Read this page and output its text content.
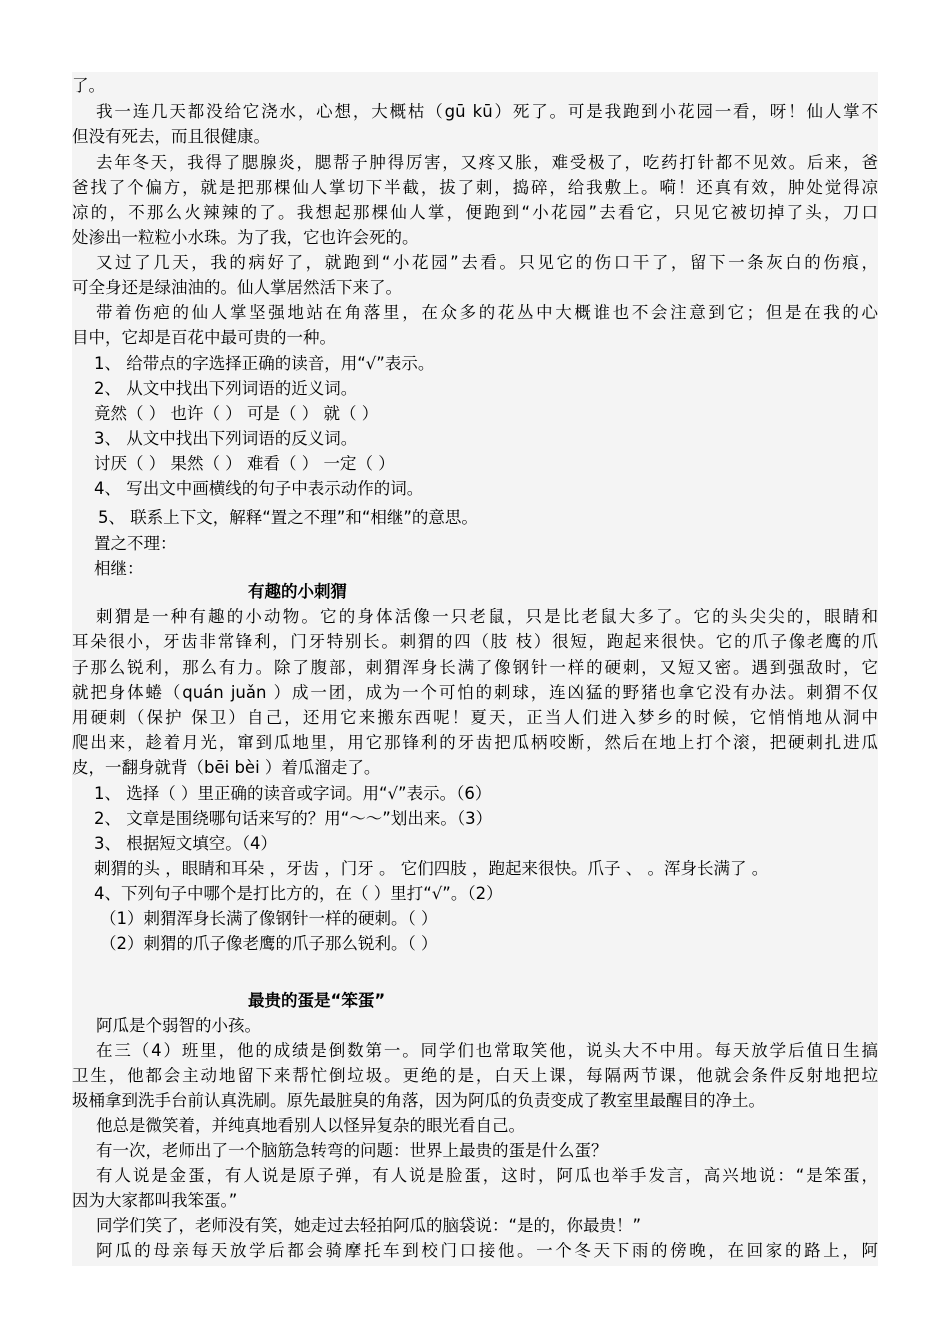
了。
我一连几天都没给它浇水，心想，大概枯（gū kū）死了。可是我跑到小花园一看，呀！仙人掌不
但没有死去，而且很健康。
去年冬天，我得了腮腺炎，腮帮子肿得厉害，又疼又胀，难受极了，吃药打针都不见效。后来，爸
爸找了个偏方，就是把那棵仙人掌切下半截，拔了刺，捣碎，给我敷上。嗬！还真有效，肿处觉得凉
凉的，不那么火辣辣的了。我想起那棵仙人掌，便跑到“小花园”去看它，只见它被切掉了头，刀口
处渗出一粒粒小水珠。为了我，它也许会死的。
又过了几天，我的病好了，就跑到“小花园”去看。只见它的伤口干了，留下一条灰白的伤痕，
可全身还是绿油油的。仙人掌居然活下来了。
带着伤疤的仙人掌坚强地站在角落里，在众多的花丛中大概谁也不会注意到它；但是在我的心
目中，它却是百花中最可贵的一种。
1、 给带点的字选择正确的读音，用“√”表示。
2、 从文中找出下列词语的近义词。
竟然（ ） 也许（ ） 可是（ ） 就（ ）
3、 从文中找出下列词语的反义词。
讨厌（ ） 果然（ ） 难看（ ） 一定（ ）
4、 写出文中画横线的句子中表示动作的词。
5、 联系上下文，解释“置之不理”和“相继”的意思。
置之不理：
相继：
有趣的小刺猬
刺猬是一种有趣的小动物。它的身体活像一只老鼠，只是比老鼠大多了。它的头尖尖的，眼睛和
耳朵很小，牙齿非常锋利，门牙特别长。刺猬的四（肢 枝）很短，跑起来很快。它的爪子像老鹰的爪
子那么锐利，那么有力。除了腹部，刺猬浑身长满了像钢针一样的硬刺，又短又密。遇到强敌时，它
就把身体蜷（quán juǎn ）成一团，成为一个可怕的刺球，连凶猛的野猪也拿它没有办法。刺猬不仅
用硬刺（保护 保卫）自己，还用它来搬东西呢！夏天，正当人们进入梦乡的时候，它悄悄地从洞中
爬出来，趁着月光，窜到瓜地里，用它那锋利的牙齿把瓜柄咬断，然后在地上打个滚，把硬刺扎进瓜
皮，一翻身就背（bēi bèi ）着瓜溜走了。
1、 选择（ ）里正确的读音或字词。用“√”表示。（6）
2、 文章是围绕哪句话来写的？用“～～”划出来。（3）
3、 根据短文填空。（4）
刺猬的头 ，眼睛和耳朵 ，牙齿 ，门牙 。 它们四肢 ，跑起来很快。爪子 、 。浑身长满了 。
4、下列句子中哪个是打比方的，在（ ）里打“√”。（2）
（1）刺猬浑身长满了像钢针一样的硬刺。（ ）
（2）刺猬的爪子像老鹰的爪子那么锐利。（ ）
最贵的蛋是“笨蛋”
阿瓜是个弱智的小孩。
在三（4）班里，他的成绩是倒数第一。同学们也常取笑他，说头大不中用。每天放学后值日生搞
卫生，他都会主动地留下来帮忙倒垃圾。更绝的是，白天上课，每隔两节课，他就会条件反射地把垃
圾桶拿到洗手台前认真洗刷。原先最脏臭的角落，因为阿瓜的负责变成了教室里最醒目的净土。
他总是微笑着，并纯真地看别人以怪异复杂的眼光看自己。
有一次，老师出了一个脑筋急转弯的问题：世界上最贵的蛋是什么蛋？
有人说是金蛋，有人说是原子弹，有人说是脸蛋，这时，阿瓜也举手发言，高兴地说：“是笨蛋，
因为大家都叫我笨蛋。”
同学们笑了，老师没有笑，她走过去轻拍阿瓜的脑袋说：“是的，你最贵！”
阿瓜的母亲每天放学后都会骑摩托车到校门口接他。一个冬天下雨的傍晚，在回家的路上，阿
